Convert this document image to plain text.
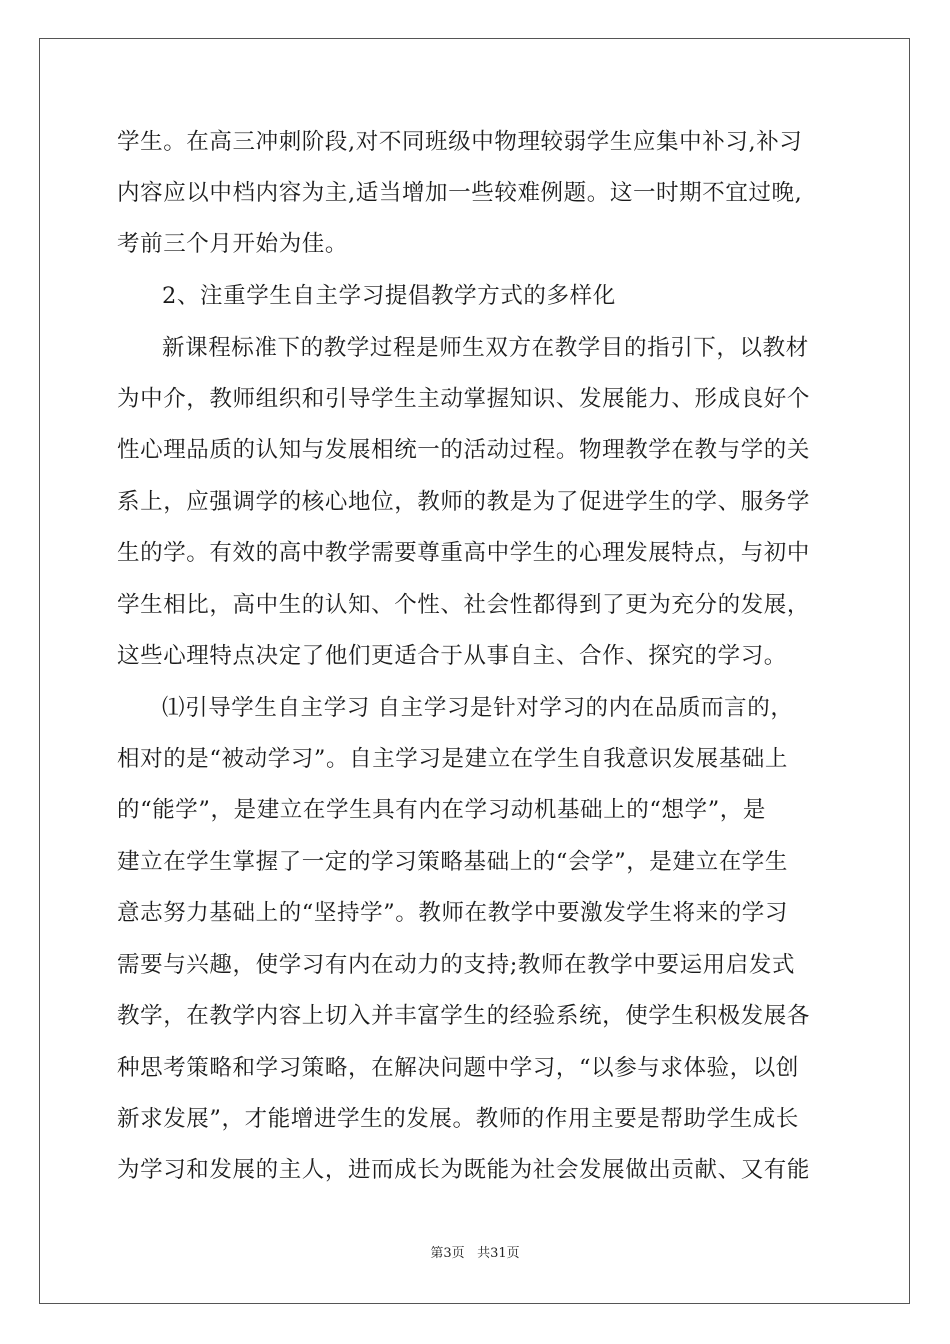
学生。在高三冲刺阶段,对不同班级中物理较弱学生应集中补习,补习
内容应以中档内容为主,适当增加一些较难例题。这一时期不宜过晚,
考前三个月开始为佳。
2、注重学生自主学习提倡教学方式的多样化
新课程标准下的教学过程是师生双方在教学目的指引下，以教材
为中介，教师组织和引导学生主动掌握知识、发展能力、形成良好个
性心理品质的认知与发展相统一的活动过程。物理教学在教与学的关
系上，应强调学的核心地位，教师的教是为了促进学生的学、服务学
生的学。有效的高中教学需要尊重高中学生的心理发展特点，与初中
学生相比，高中生的认知、个性、社会性都得到了更为充分的发展，
这些心理特点决定了他们更适合于从事自主、合作、探究的学习。
⑴引导学生自主学习 自主学习是针对学习的内在品质而言的，
相对的是“被动学习”。自主学习是建立在学生自我意识发展基础上
的“能学”，是建立在学生具有内在学习动机基础上的“想学”，是
建立在学生掌握了一定的学习策略基础上的“会学”，是建立在学生
意志努力基础上的“坚持学”。教师在教学中要激发学生将来的学习
需要与兴趣，使学习有内在动力的支持;教师在教学中要运用启发式
教学，在教学内容上切入并丰富学生的经验系统，使学生积极发展各
种思考策略和学习策略，在解决问题中学习，“以参与求体验，以创
新求发展”，才能增进学生的发展。教师的作用主要是帮助学生成长
为学习和发展的主人，进而成长为既能为社会发展做出贡献、又有能
第3页 共31页
